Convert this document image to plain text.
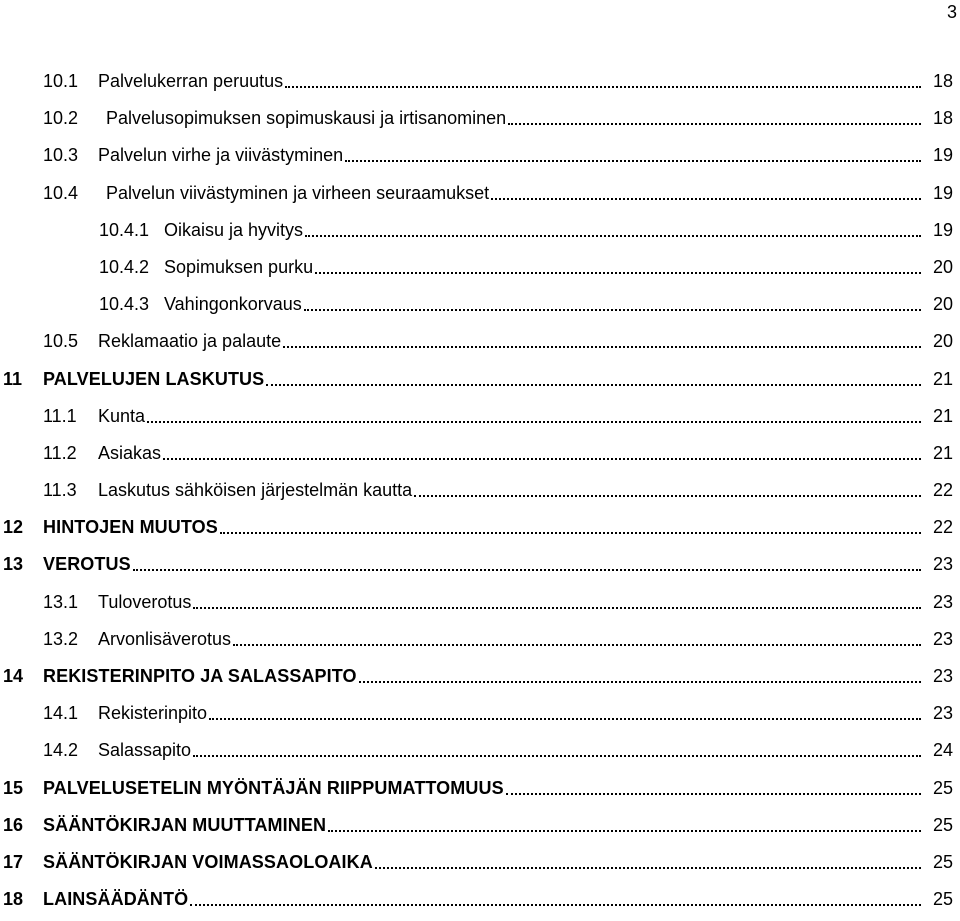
3
10.1 Palvelukerran peruutus	18
10.2 Palvelusopimuksen sopimuskausi ja irtisanominen	18
10.3 Palvelun virhe ja viivästyminen	19
10.4 Palvelun viivästyminen ja virheen seuraamukset	19
10.4.1 Oikaisu ja hyvitys	19
10.4.2 Sopimuksen purku	20
10.4.3 Vahingonkorvaus	20
10.5 Reklamaatio ja palaute	20
11 PALVELUJEN LASKUTUS	21
11.1 Kunta	21
11.2 Asiakas	21
11.3 Laskutus sähköisen järjestelmän kautta	22
12 HINTOJEN MUUTOS	22
13 VEROTUS	23
13.1 Tuloverotus	23
13.2 Arvonlisäverotus	23
14 REKISTERINPITO JA SALASSAPITO	23
14.1 Rekisterinpito	23
14.2 Salassapito	24
15 PALVELUSETELIN MYÖNTÄJÄN RIIPPUMATTOMUUS	25
16 SÄÄNTÖKIRJAN MUUTTAMINEN	25
17 SÄÄNTÖKIRJAN VOIMASSAOLOAIKA	25
18 LAINSÄÄDÄNTÖ	25
